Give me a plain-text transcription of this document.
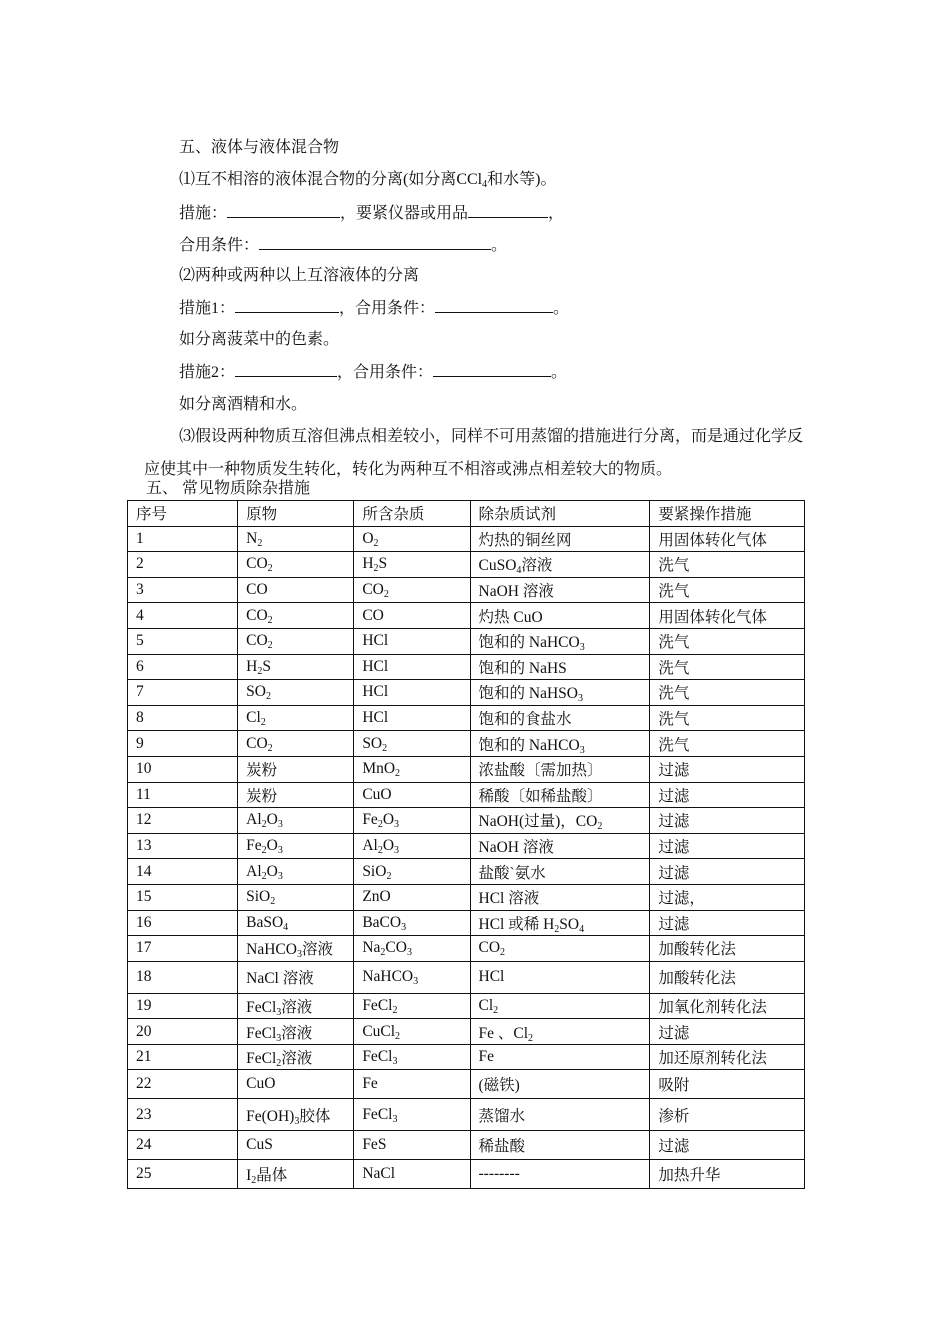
五、液体与液体混合物
⑴互不相溶的液体混合物的分离(如分离CCl$_4$和水等)。
措施：	，要紧仪器或用品	，
合用条件：	。
⑵两种或两种以上互溶液体的分离
措施1：	，合用条件：	。
如分离菠菜中的色素。
措施2：	，合用条件：	。
如分离酒精和水。
⑶假设两种物质互溶但沸点相差较小，同样不可用蒸馏的措施进行分离，而是通过化学反应使其中一种物质发生转化，转化为两种互不相溶或沸点相差较大的物质。
五、 常见物质除杂措施
序号	原物	所含杂质	除杂质试剂	要紧操作措施
1	$N_2$	$O_2$	灼热的铜丝网	用固体转化气体
2	$CO_2$	$H_2S$	CuSO$_4$溶液	洗气
3	CO	$CO_2$	NaOH 溶液	洗气
4	$CO_2$	CO	灼热 CuO	用固体转化气体
5	$CO_2$	HCl	饱和的 NaHCO$_3$	洗气
6	$H_2S$	HCl	饱和的 NaHS	洗气
7	$SO_2$	HCl	饱和的 NaHSO$_3$	洗气
8	$Cl_2$	HCl	饱和的食盐水	洗气
9	$CO_2$	$SO_2$	饱和的 NaHCO$_3$	洗气
10	炭粉	MnO$_2$	浓盐酸〔需加热〕	过滤
11	炭粉	CuO	稀酸〔如稀盐酸〕	过滤
12	$Al_2O_3$	$Fe_2O_3$	NaOH(过量)，$CO_2$	过滤
13	$Fe_2O_3$	$Al_2O_3$	NaOH 溶液	过滤
14	$Al_2O_3$	SiO$_2$	盐酸`氨水	过滤
15	SiO$_2$	ZnO	HCl 溶液	过滤，
16	BaSO$_4$	BaCO$_3$	HCl 或稀 $H_2SO_4$	过滤
17	NaHCO$_3$溶液	$Na_2CO_3$	$CO_2$	加酸转化法
18	NaCl 溶液	NaHCO$_3$	HCl	加酸转化法
19	FeCl$_3$溶液	FeCl$_2$	$Cl_2$	加氧化剂转化法
20	FeCl$_3$溶液	CuCl$_2$	Fe 、$Cl_2$	过滤
21	FeCl$_2$溶液	FeCl$_3$	Fe	加还原剂转化法
22	CuO	Fe	(磁铁)	吸附
23	$Fe(OH)_3$胶体	FeCl$_3$	蒸馏水	渗析
24	CuS	FeS	稀盐酸	过滤
25	$I_2$晶体	NaCl	--------	加热升华
